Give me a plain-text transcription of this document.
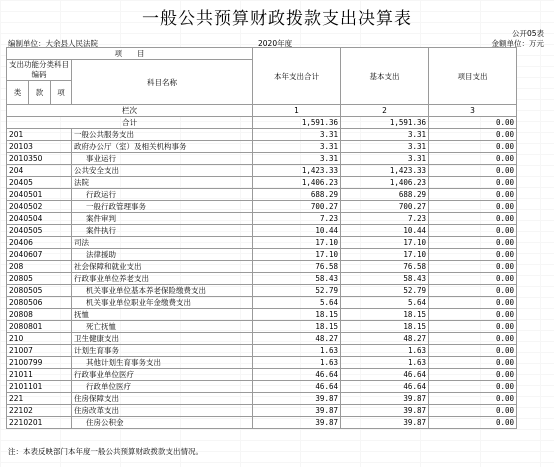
一般公共预算财政拨款支出决算表
公开05表
编制单位：大余县人民法院	2020年度	金额单位：万元
项　　目				本年支出合计	基本支出	项目支出
支出功能分类科目编码			科目名称			

类	款	项				
栏次				1	2	3
合计				1,591.36	1,591.36	0.00
201			一般公共服务支出	3.31	3.31	0.00
20103			政府办公厅（室）及相关机构事务	3.31	3.31	0.00
2010350			事业运行	3.31	3.31	0.00
204			公共安全支出	1,423.33	1,423.33	0.00
20405			法院	1,406.23	1,406.23	0.00
2040501			行政运行	688.29	688.29	0.00
2040502			一般行政管理事务	700.27	700.27	0.00
2040504			案件审判	7.23	7.23	0.00
2040505			案件执行	10.44	10.44	0.00
20406			司法	17.10	17.10	0.00
2040607			法律援助	17.10	17.10	0.00
208			社会保障和就业支出	76.58	76.58	0.00
20805			行政事业单位养老支出	58.43	58.43	0.00
2080505			机关事业单位基本养老保险缴费支出	52.79	52.79	0.00
2080506			机关事业单位职业年金缴费支出	5.64	5.64	0.00
20808			抚恤	18.15	18.15	0.00
2080801			死亡抚恤	18.15	18.15	0.00
210			卫生健康支出	48.27	48.27	0.00
21007			计划生育事务	1.63	1.63	0.00
2100799			其他计划生育事务支出	1.63	1.63	0.00
21011			行政事业单位医疗	46.64	46.64	0.00
2101101			行政单位医疗	46.64	46.64	0.00
221			住房保障支出	39.87	39.87	0.00
22102			住房改革支出	39.87	39.87	0.00
2210201			住房公积金	39.87	39.87	0.00
注：本表反映部门本年度一般公共预算财政拨款支出情况。
